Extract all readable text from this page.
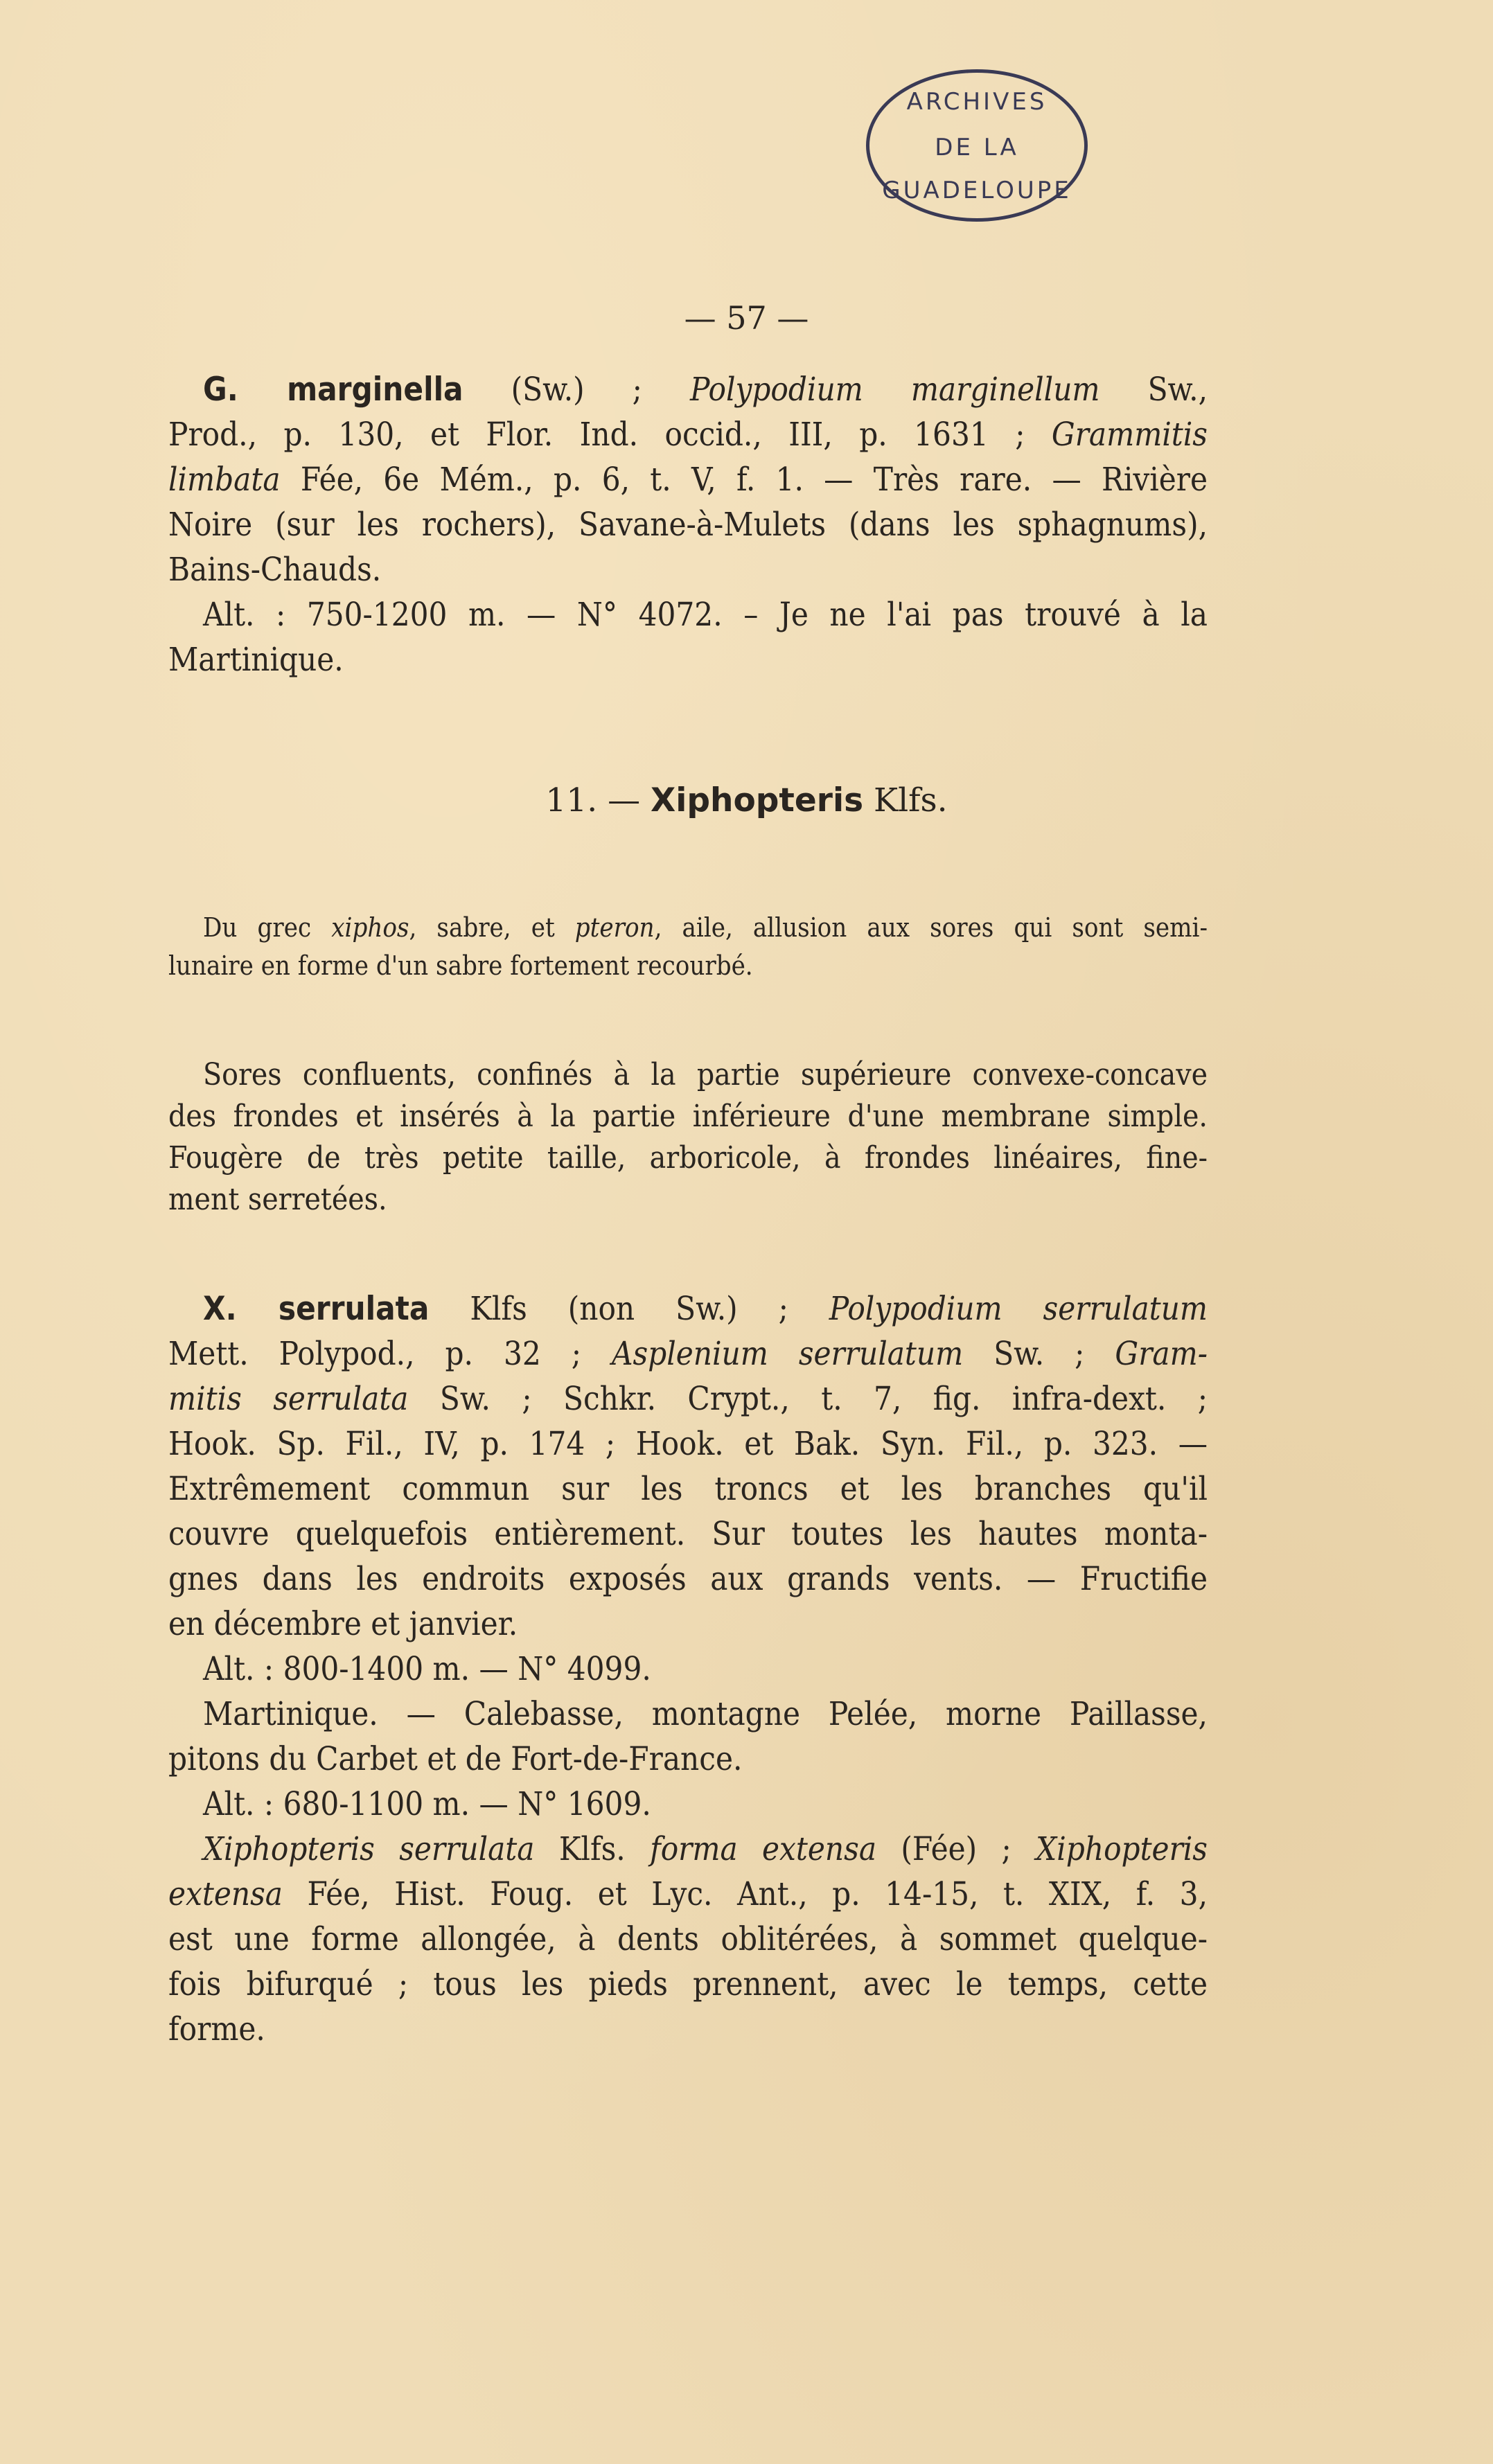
ARCHIVES
DE LA
GUADELOUPE
— 57 —
G. marginella (Sw.) ; Polypodium marginellum Sw.,
Prod., p. 130, et Flor. Ind. occid., III, p. 1631 ; Grammitis
limbata Fée, 6e Mém., p. 6, t. V, f. 1. — Très rare. — Rivière
Noire (sur les rochers), Savane-à-Mulets (dans les sphagnums),
Bains-Chauds.
Alt. : 750-1200 m. — N° 4072. – Je ne l'ai pas trouvé à la
Martinique.
11. — Xiphopteris Klfs.
Du grec xiphos, sabre, et pteron, aile, allusion aux sores qui sont semi-
lunaire en forme d'un sabre fortement recourbé.
Sores confluents, confinés à la partie supérieure convexe-concave
des frondes et insérés à la partie inférieure d'une membrane simple.
Fougère de très petite taille, arboricole, à frondes linéaires, fine-
ment serretées.
X. serrulata Klfs (non Sw.) ; Polypodium serrulatum
Mett. Polypod., p. 32 ; Asplenium serrulatum Sw. ; Gram-
mitis serrulata Sw. ; Schkr. Crypt., t. 7, fig. infra-dext. ;
Hook. Sp. Fil., IV, p. 174 ; Hook. et Bak. Syn. Fil., p. 323. —
Extrêmement commun sur les troncs et les branches qu'il
couvre quelquefois entièrement. Sur toutes les hautes monta-
gnes dans les endroits exposés aux grands vents. — Fructifie
en décembre et janvier.
Alt. : 800-1400 m. — N° 4099.
Martinique. — Calebasse, montagne Pelée, morne Paillasse,
pitons du Carbet et de Fort-de-France.
Alt. : 680-1100 m. — N° 1609.
Xiphopteris serrulata Klfs. forma extensa (Fée) ; Xiphopteris
extensa Fée, Hist. Foug. et Lyc. Ant., p. 14-15, t. XIX, f. 3,
est une forme allongée, à dents oblitérées, à sommet quelque-
fois bifurqué ; tous les pieds prennent, avec le temps, cette
forme.
